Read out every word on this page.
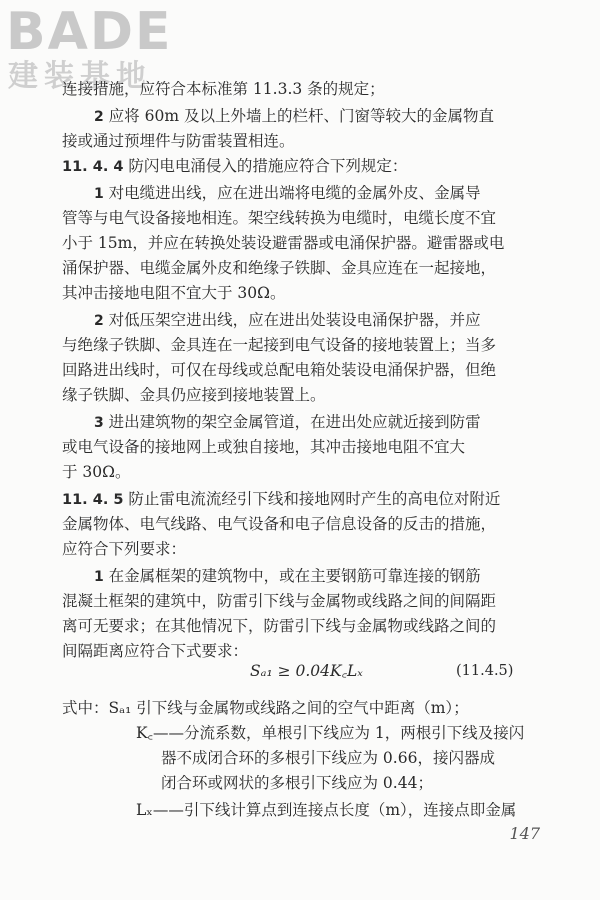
BADE
建装基地
连接措施，应符合本标准第 11.3.3 条的规定；
2 应将 60m 及以上外墙上的栏杆、门窗等较大的金属物直
接或通过预埋件与防雷装置相连。
11. 4. 4 防闪电电涌侵入的措施应符合下列规定：
1 对电缆进出线，应在进出端将电缆的金属外皮、金属导
管等与电气设备接地相连。架空线转换为电缆时，电缆长度不宜
小于 15m，并应在转换处装设避雷器或电涌保护器。避雷器或电
涌保护器、电缆金属外皮和绝缘子铁脚、金具应连在一起接地，
其冲击接地电阻不宜大于 30Ω。
2 对低压架空进出线，应在进出处装设电涌保护器，并应
与绝缘子铁脚、金具连在一起接到电气设备的接地装置上；当多
回路进出线时，可仅在母线或总配电箱处装设电涌保护器，但绝
缘子铁脚、金具仍应接到接地装置上。
3 进出建筑物的架空金属管道，在进出处应就近接到防雷
或电气设备的接地网上或独自接地，其冲击接地电阻不宜大
于 30Ω。
11. 4. 5 防止雷电流流经引下线和接地网时产生的高电位对附近
金属物体、电气线路、电气设备和电子信息设备的反击的措施，
应符合下列要求：
1 在金属框架的建筑物中，或在主要钢筋可靠连接的钢筋
混凝土框架的建筑中，防雷引下线与金属物或线路之间的间隔距
离可无要求；在其他情况下，防雷引下线与金属物或线路之间的
间隔距离应符合下式要求：
式中：Sₐ₁ 引下线与金属物或线路之间的空气中距离（m）；
K꜀——分流系数，单根引下线应为 1，两根引下线及接闪
器不成闭合环的多根引下线应为 0.66，接闪器成
闭合环或网状的多根引下线应为 0.44；
Lₓ——引下线计算点到连接点长度（m），连接点即金属
Sₐ₁ ≥ 0.04K꜀Lₓ	(11.4.5)
147
